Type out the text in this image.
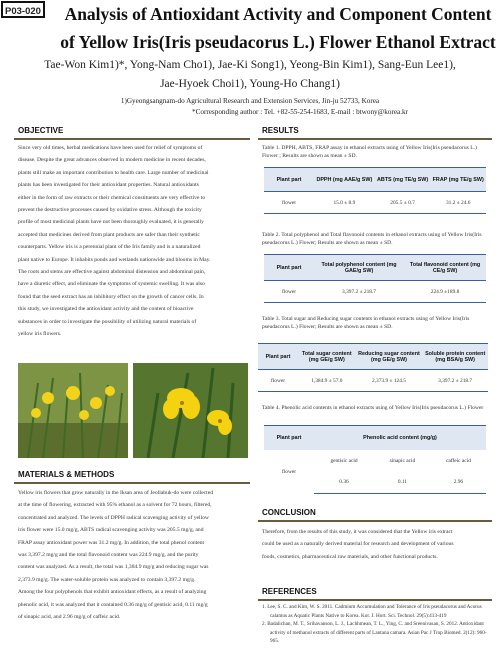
P03-020 Analysis of Antioxidant Activity and Component Content
of Yellow Iris(Iris pseudacorus L.) Flower Ethanol Extract
Tae-Won Kim1)*, Yong-Nam Cho1), Jae-Ki Song1), Yeong-Bin Kim1), Sang-Eun Lee1),
Jae-Hyoek Choi1), Young-Ho Chang1)
1)Gyeongsangnam-do Agricultural Research and Extension Services, Jin-ju 52733, Korea
*Corresponding author : Tel. +82-55-254-1683, E-mail : btwony@korea.kr
OBJECTIVE
Since very old times, herbal medications have been used for relief of symptoms of
disease. Despite the great advances observed in modern medicine in recent decades,
plants still make an important contribution to health care. Large number of medicinal
plants has been investigated for their antioxidant properties. Natural antioxidants
either in the form of raw extracts or their chemical constituents are very effective to
prevent the destructive processes caused by oxidative stress. Although the toxicity
profile of most medicinal plants have not been thoroughly evaluated, it is generally
accepted that medicines derived from plant products are safer than their synthetic
counterparts. Yellow iris is a perennial plant of the Iris family and is a naturalized
plant native to Europe. It inhabits ponds and wetlands nationwide and blooms in May.
The roots and stems are effective against abdominal distension and abdominal pain,
have a diuretic effect, and eliminate the symptoms of systemic swelling. It was also
found that the seed extract has an inhibitory effect on the growth of cancer cells. In
this study, we investigated the antioxidant activity and the content of bioactive
substances in order to investigate the possibility of utilizing natural materials of
yellow iris flowers.
MATERIALS & METHODS
Yellow iris flowers that grow naturally in the Iksan area of Jeollabuk-do were collected
at the time of flowering, extracted with 95% ethanol as a solvent for 72 hours, filtered,
concentrated and analyzed. The levels of DPPH radical scavenging activity of yellow
iris flower were 15.0 mg/g, ABTS radical scavenging activity was 205.5 mg/g, and
FRAP assay antioxidant power was 31.2 mg/g. In addition, the total phenol content
was 3,397.2 mg/g and the total flavonoid content was 224.9 mg/g, and the purity
content was analyzed. As a result, the total was 1,384.9 mg/g and reducing sugar was
2,373.9 mg/g. The water-soluble protein was analyzed to contain 3,397.2 mg/g.
Among the four polyphenols that exhibit antioxidant effects, as a result of analyzing
phenolic acid, it was analyzed that it contained 0.36 mg/g of gentisic acid, 0.11 mg/g
of sinapic acid, and 2.96 mg/g of caffeic acid.
RESULTS
Table 1. DPPH, ABTS, FRAP assay in ethanol extracts using of Yellow Iris(Iris pseudacorus L.) Flower ; Results are shown as mean ± SD.
Plant part	DPPH (mg AAE/g SW)	ABTS (mg TE/g SW)	FRAP (mg TE/g SW)
flower	15.0 ± 8.9	205.5 ± 0.7	31.2 ± 24.6
Table 2. Total polyphenol and Total flavonoid contents in ethanol extracts using of Yellow Iris(Iris pseudacorus L.) Flower; Results are shown as mean ± SD.
Plant part	Total polyphenol content (mg GAE/g SW)	Total flavonoid content (mg CE/g SW)
flower	3,397.2 ± 218.7	224.9 ±189.8
Table 3. Total sugar and Reducing sugar contents in ethanol extracts using of Yellow Iris(Iris pseudacorus L.) Flower; Results are shown as mean ± SD.
Plant part	Total sugar content (mg GE/g SW)	Reducing sugar content (mg GE/g SW)	Soluble protein content (mg BSA/g SW)
flower	1,384.9 ± 57.0	2,373.9 ± 124.5	3,397.2 ± 218.7
Table 4. Phenolic acid contents in ethanol extracts using of Yellow Iris(Iris pseudacorus L.) Flower
Plant part	Phenolic acid content (mg/g)		
flower	gentisic acid	sinapic acid	caffeic acid
	0.36	0.11	2.96
CONCLUSION
Therefore, from the results of this study, it was considered that the Yellow iris extract
could be used as a naturally derived material for research and development of various
foods, cosmetics, pharmaceutical raw materials, and other functional products.
REFERENCES
1. Lee, S. C. and Kim, W. S. 2011. Cadmium Accumulation and Tolerance of Iris pseudacorus and Acorus calamus as Aquatic Plants Native to Korea. Kor. J. Hort. Sci. Technol. 29(5):413-419
2. Badalichan, M. T., Srihavanson, L. J., Lachhmean, T. L., Ying, C. and Sreenivasan, S. 2012. Antioxidant activity of methanol extracts of different parts of Lantana camara. Asian Pac J Trop Biomed. 2(12): 960-965.
